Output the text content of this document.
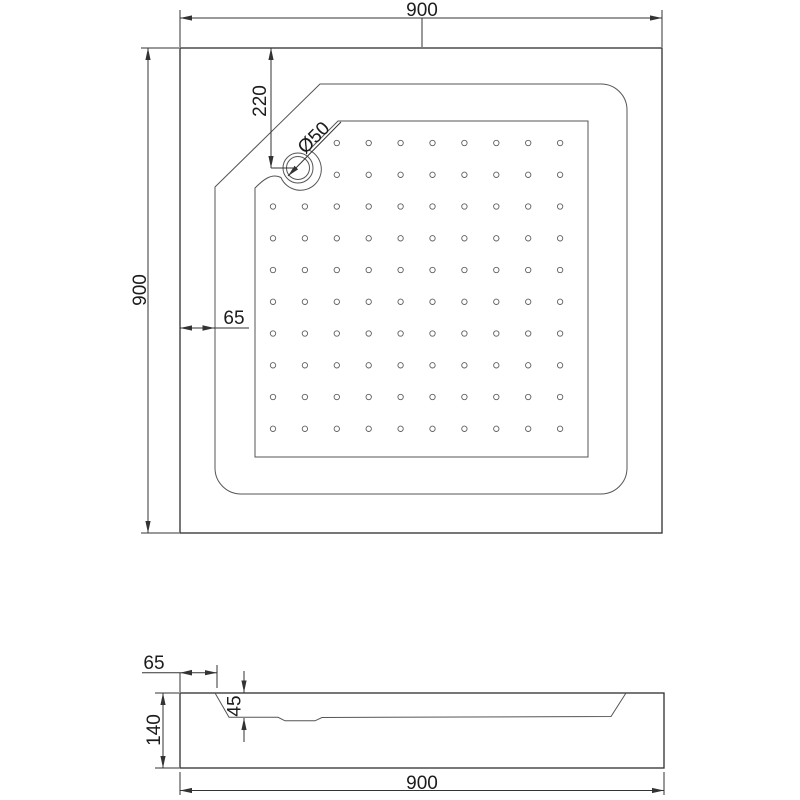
900
900
220
65
Ø50
65
45
140
900
